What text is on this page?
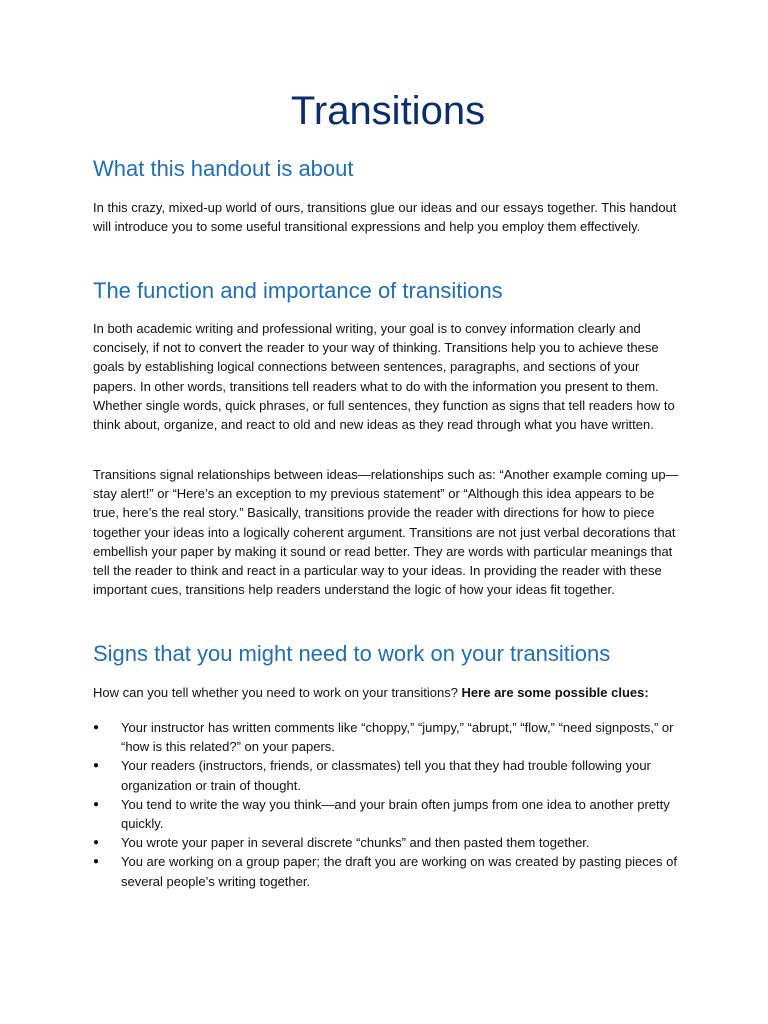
Transitions
What this handout is about

In this crazy, mixed-up world of ours, transitions glue our ideas and our essays together. This handout will introduce you to some useful transitional expressions and help you employ them effectively.

The function and importance of transitions

In both academic writing and professional writing, your goal is to convey information clearly and concisely, if not to convert the reader to your way of thinking. Transitions help you to achieve these goals by establishing logical connections between sentences, paragraphs, and sections of your papers. In other words, transitions tell readers what to do with the information you present to them. Whether single words, quick phrases, or full sentences, they function as signs that tell readers how to think about, organize, and react to old and new ideas as they read through what you have written.

Transitions signal relationships between ideas—relationships such as: “Another example coming up—stay alert!” or “Here’s an exception to my previous statement” or “Although this idea appears to be true, here’s the real story.” Basically, transitions provide the reader with directions for how to piece together your ideas into a logically coherent argument. Transitions are not just verbal decorations that embellish your paper by making it sound or read better. They are words with particular meanings that tell the reader to think and react in a particular way to your ideas. In providing the reader with these important cues, transitions help readers understand the logic of how your ideas fit together.

Signs that you might need to work on your transitions

How can you tell whether you need to work on your transitions? Here are some possible clues:

●	Your instructor has written comments like “choppy,” “jumpy,” “abrupt,” “flow,” “need signposts,” or “how is this related?” on your papers.
●	Your readers (instructors, friends, or classmates) tell you that they had trouble following your organization or train of thought.
●	You tend to write the way you think—and your brain often jumps from one idea to another pretty quickly.
●	You wrote your paper in several discrete “chunks” and then pasted them together.
●	You are working on a group paper; the draft you are working on was created by pasting pieces of several people’s writing together.
